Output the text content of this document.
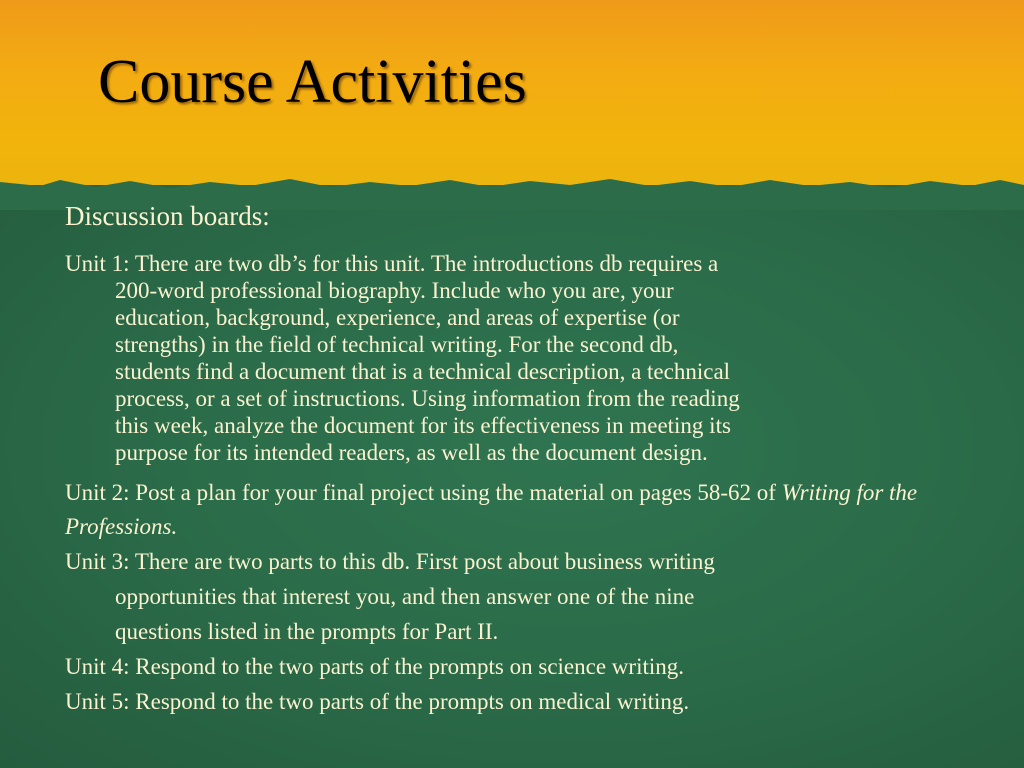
Course Activities

Discussion boards:

Unit 1: There are two db’s for this unit. The introductions db requires a
200-word professional biography. Include who you are, your
education, background, experience, and areas of expertise (or
strengths) in the field of technical writing. For the second db,
students find a document that is a technical description, a technical
process, or a set of instructions. Using information from the reading
this week, analyze the document for its effectiveness in meeting its
purpose for its intended readers, as well as the document design.

Unit 2: Post a plan for your final project using the material on pages 58-62 of Writing for the Professions.

Unit 3: There are two parts to this db. First post about business writing
opportunities that interest you, and then answer one of the nine
questions listed in the prompts for Part II.

Unit 4: Respond to the two parts of the prompts on science writing.

Unit 5: Respond to the two parts of the prompts on medical writing.
